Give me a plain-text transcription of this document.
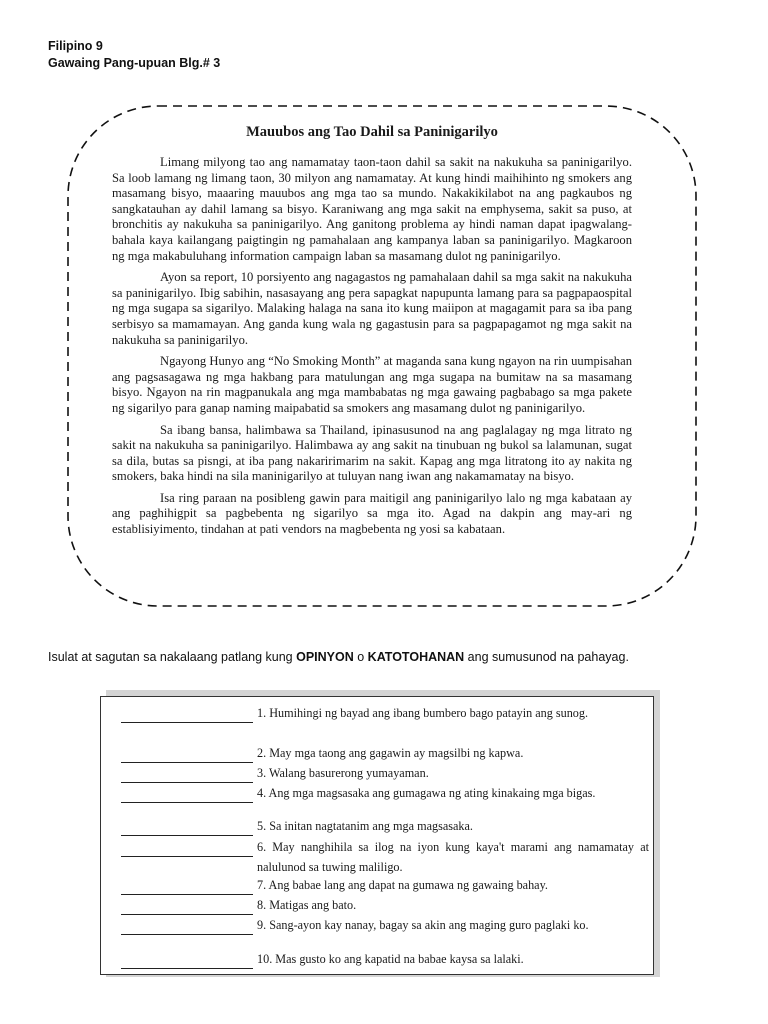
Filipino 9
Gawaing Pang-upuan Blg.# 3
Mauubos ang Tao Dahil sa Paninigarilyo

Limang milyong tao ang namamatay taon-taon dahil sa sakit na nakukuha sa paninigarilyo. Sa loob lamang ng limang taon, 30 milyon ang namamatay. At kung hindi maihihinto ng smokers ang masamang bisyo, maaaring mauubos ang mga tao sa mundo. Nakakikilabot na ang pagkaubos ng sangkatauhan ay dahil lamang sa bisyo. Karaniwang ang mga sakit na emphysema, sakit sa puso, at bronchitis ay nakukuha sa paninigarilyo. Ang ganitong problema ay hindi naman dapat ipagwalang-bahala kaya kailangang paigtingin ng pamahalaan ang kampanya laban sa paninigarilyo. Magkaroon ng mga makabuluhang information campaign laban sa masamang dulot ng paninigarilyo.

Ayon sa report, 10 porsiyento ang nagagastos ng pamahalaan dahil sa mga sakit na nakukuha sa paninigarilyo. Ibig sabihin, nasasayang ang pera sapagkat napupunta lamang para sa pagpapaospital ng mga sugapa sa sigarilyo. Malaking halaga na sana ito kung maiipon at magagamit para sa iba pang serbisyo sa mamamayan. Ang ganda kung wala ng gagastusin para sa pagpapagamot ng mga sakit na nakukuha sa paninigarilyo.

Ngayong Hunyo ang “No Smoking Month” at maganda sana kung ngayon na rin uumpisahan ang pagsasagawa ng mga hakbang para matulungan ang mga sugapa na bumitaw na sa masamang bisyo. Ngayon na rin magpanukala ang mga mambabatas ng mga gawaing pagbabago sa mga pakete ng sigarilyo para ganap naming maipabatid sa smokers ang masamang dulot ng paninigarilyo.

Sa ibang bansa, halimbawa sa Thailand, ipinasusunod na ang paglalagay ng mga litrato ng sakit na nakukuha sa paninigarilyo. Halimbawa ay ang sakit na tinubuan ng bukol sa lalamunan, sugat sa dila, butas sa pisngi, at iba pang nakaririmarim na sakit. Kapag ang mga litratong ito ay nakita ng smokers, baka hindi na sila maninigarilyo at tuluyan nang iwan ang nakamamatay na bisyo.

Isa ring paraan na posibleng gawin para maitigil ang paninigarilyo lalo ng mga kabataan ay ang paghihigpit sa pagbebenta ng sigarilyo sa mga ito. Agad na dakpin ang may-ari ng establisiyimento, tindahan at pati vendors na magbebenta ng yosi sa kabataan.

Isulat at sagutan sa nakalaang patlang kung OPINYON o KATOTOHANAN ang sumusunod na pahayag.
1. Humihingi ng bayad ang ibang bumbero bago patayin ang sunog.
2. May mga taong ang gagawin ay magsilbi ng kapwa.
3. Walang basurerong yumayaman.
4. Ang mga magsasaka ang gumagawa ng ating kinakaing mga bigas.
5. Sa initan nagtatanim ang mga magsasaka.
6. May nanghihila sa ilog na iyon kung kaya't marami ang namamatay at nalulunod sa tuwing maliligo.
7. Ang babae lang ang dapat na gumawa ng gawaing bahay.
8. Matigas ang bato.
9. Sang-ayon kay nanay, bagay sa akin ang maging guro paglaki ko.
10. Mas gusto ko ang kapatid na babae kaysa sa lalaki.
